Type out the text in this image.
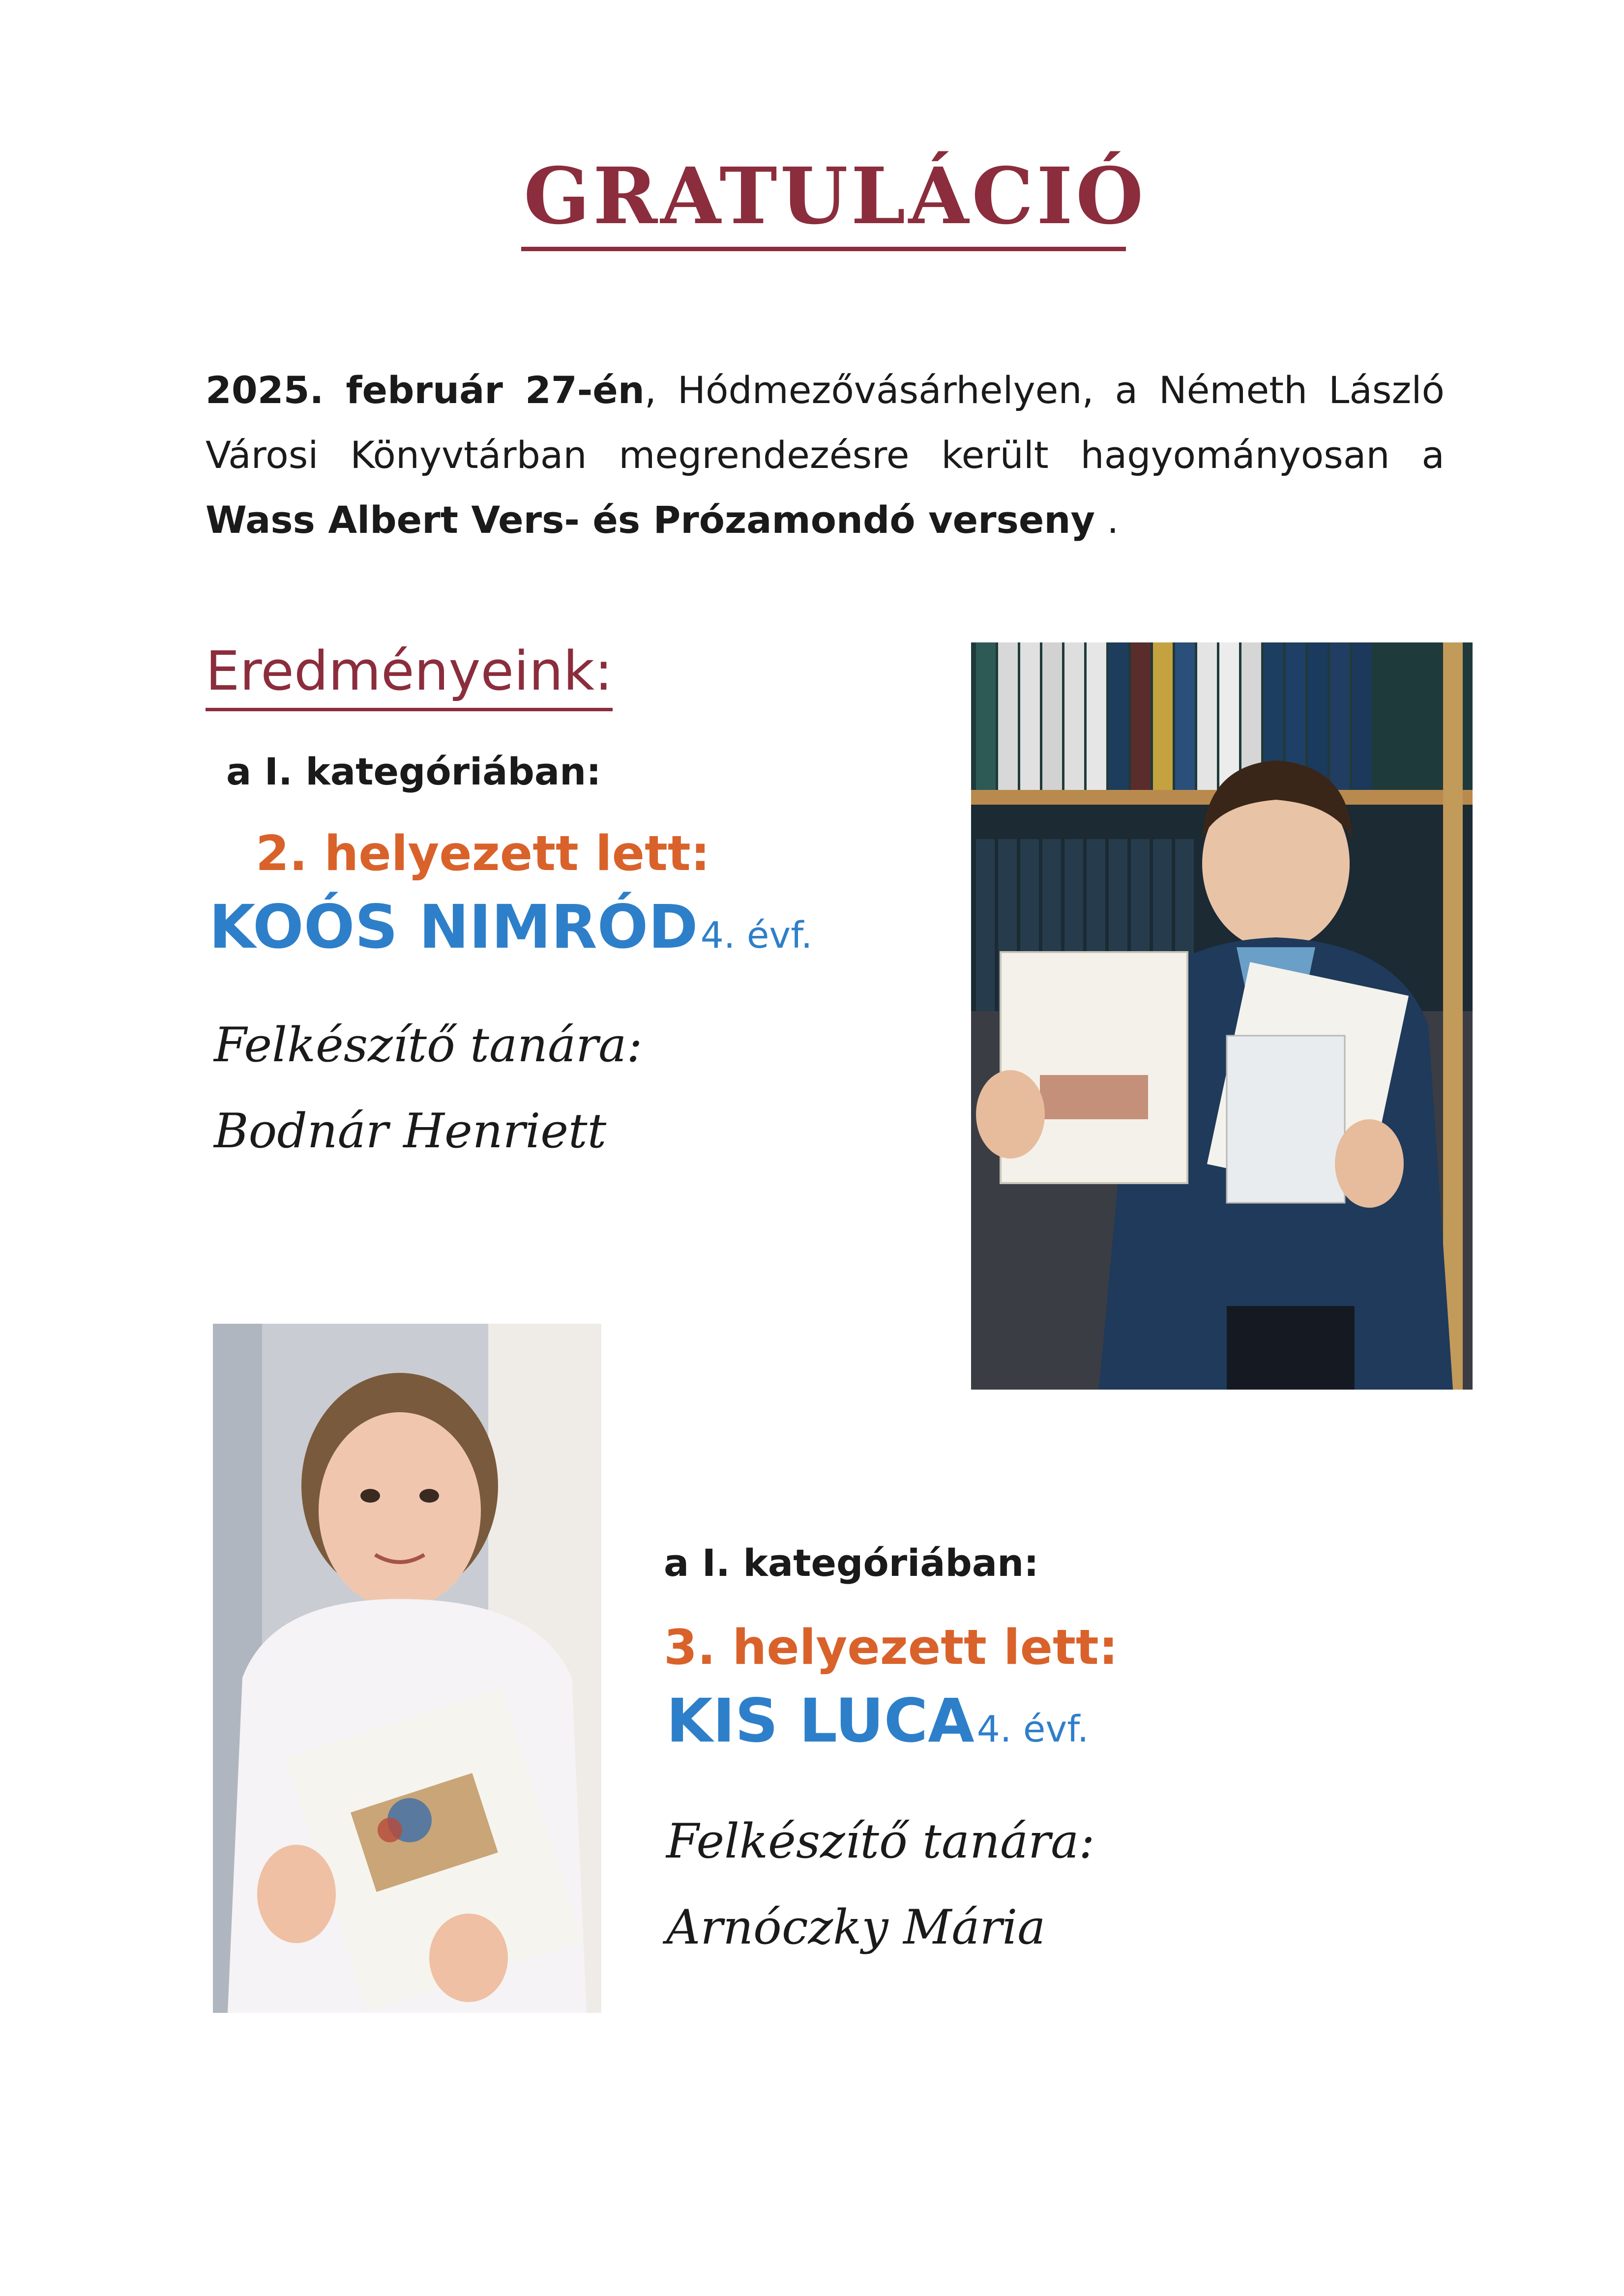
GRATULÁCIÓ
2025. február 27-én, Hódmezővásárhelyen, a Németh László Városi Könyvtárban megrendezésre került hagyományosan a Wass Albert Vers- és Prózamondó verseny .
Eredményeink:
a I. kategóriában:
2. helyezett lett:
KOÓS NIMRÓD 4. évf.
Felkészítő tanára:
Bodnár Henriett
a I. kategóriában:
3. helyezett lett:
KIS LUCA 4. évf.
Felkészítő tanára:
Arnóczky Mária
